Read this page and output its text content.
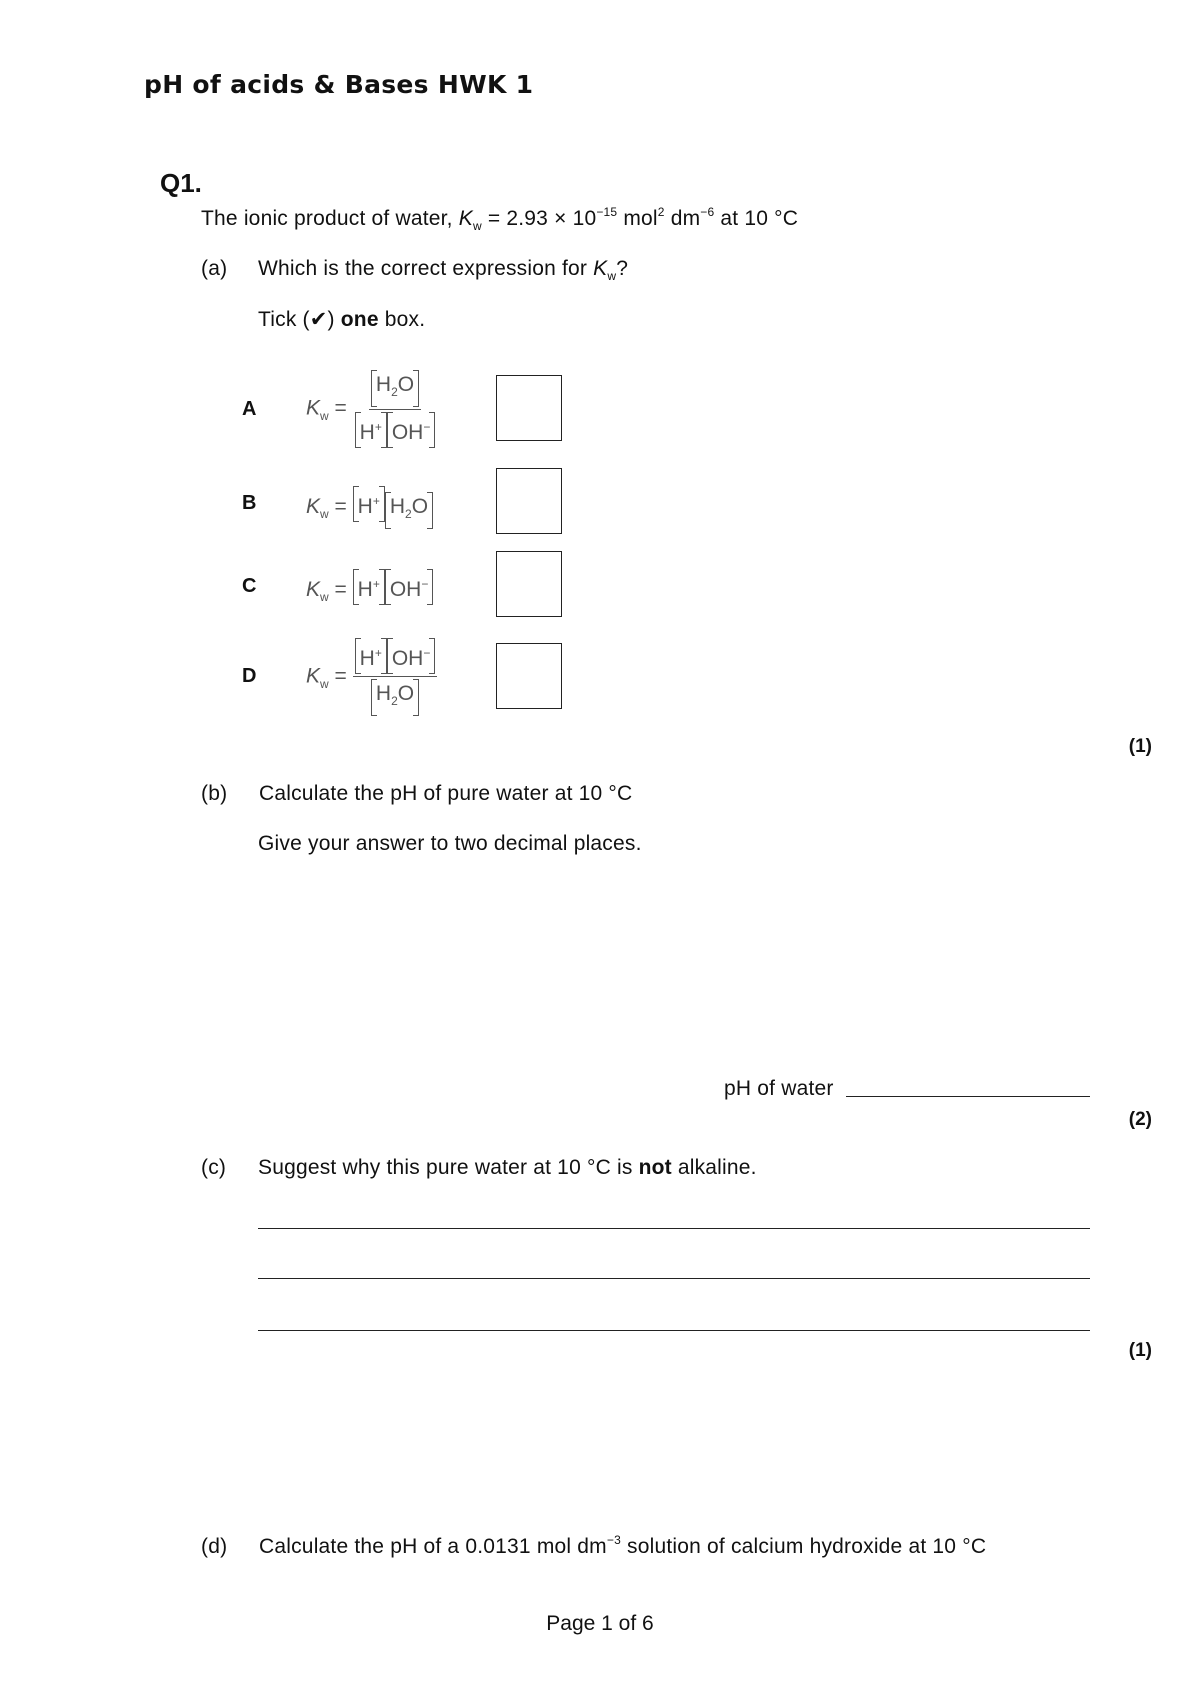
pH of acids & Bases HWK 1
Q1.
The ionic product of water, $K_w = 2.93 \times 10^{-15}$ mol$^2$ $dm^{-6}$ at 10 °C
(a) Which is the correct expression for $K_w$?
Tick (✔) one box.
A $K_w = \frac{H_2O}{H^+ OH^-}$
B $K_w = H^+$ $H_2O$
C $K_w = H^+$ OH−
D $K_w = \frac{H^+ OH^-}{H_2O}$
(1)
(b) Calculate the pH of pure water at 10 °C
Give your answer to two decimal places.
pH of water
(2)
(c) Suggest why this pure water at 10 °C is not alkaline.
(1)
(d) Calculate the pH of a 0.0131 mol $dm^{-3}$ solution of calcium hydroxide at 10 °C
Page 1 of 6
